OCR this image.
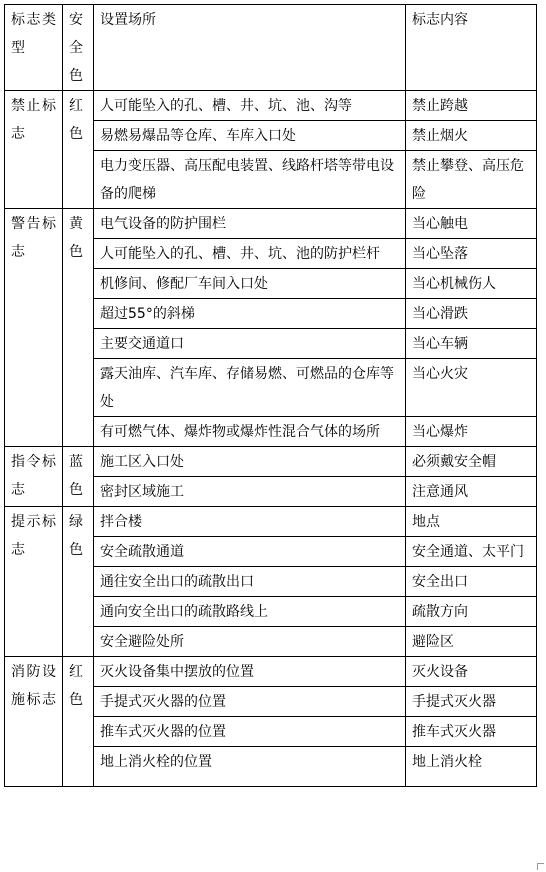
标志类型	安全色	设置场所	标志内容
禁止标志	红色	人可能坠入的孔、槽、井、坑、池、沟等	禁止跨越
		易燃易爆品等仓库、车库入口处	禁止烟火
		电力变压器、高压配电装置、线路杆塔等带电设备的爬梯	禁止攀登、高压危险
警告标志	黄色	电气设备的防护围栏	当心触电
		人可能坠入的孔、槽、井、坑、池的防护栏杆	当心坠落
		机修间、修配厂车间入口处	当心机械伤人
		超过55°的斜梯	当心滑跌
		主要交通道口	当心车辆
		露天油库、汽车库、存储易燃、可燃品的仓库等处	当心火灾
		有可燃气体、爆炸物或爆炸性混合气体的场所	当心爆炸
指令标志	蓝色	施工区入口处	必须戴安全帽
		密封区域施工	注意通风
提示标志	绿色	拌合楼	地点
		安全疏散通道	安全通道、太平门
		通往安全出口的疏散出口	安全出口
		通向安全出口的疏散路线上	疏散方向
		安全避险处所	避险区
消防设施标志	红色	灭火设备集中摆放的位置	灭火设备
		手提式灭火器的位置	手提式灭火器
		推车式灭火器的位置	推车式灭火器
		地上消火栓的位置	地上消火栓
